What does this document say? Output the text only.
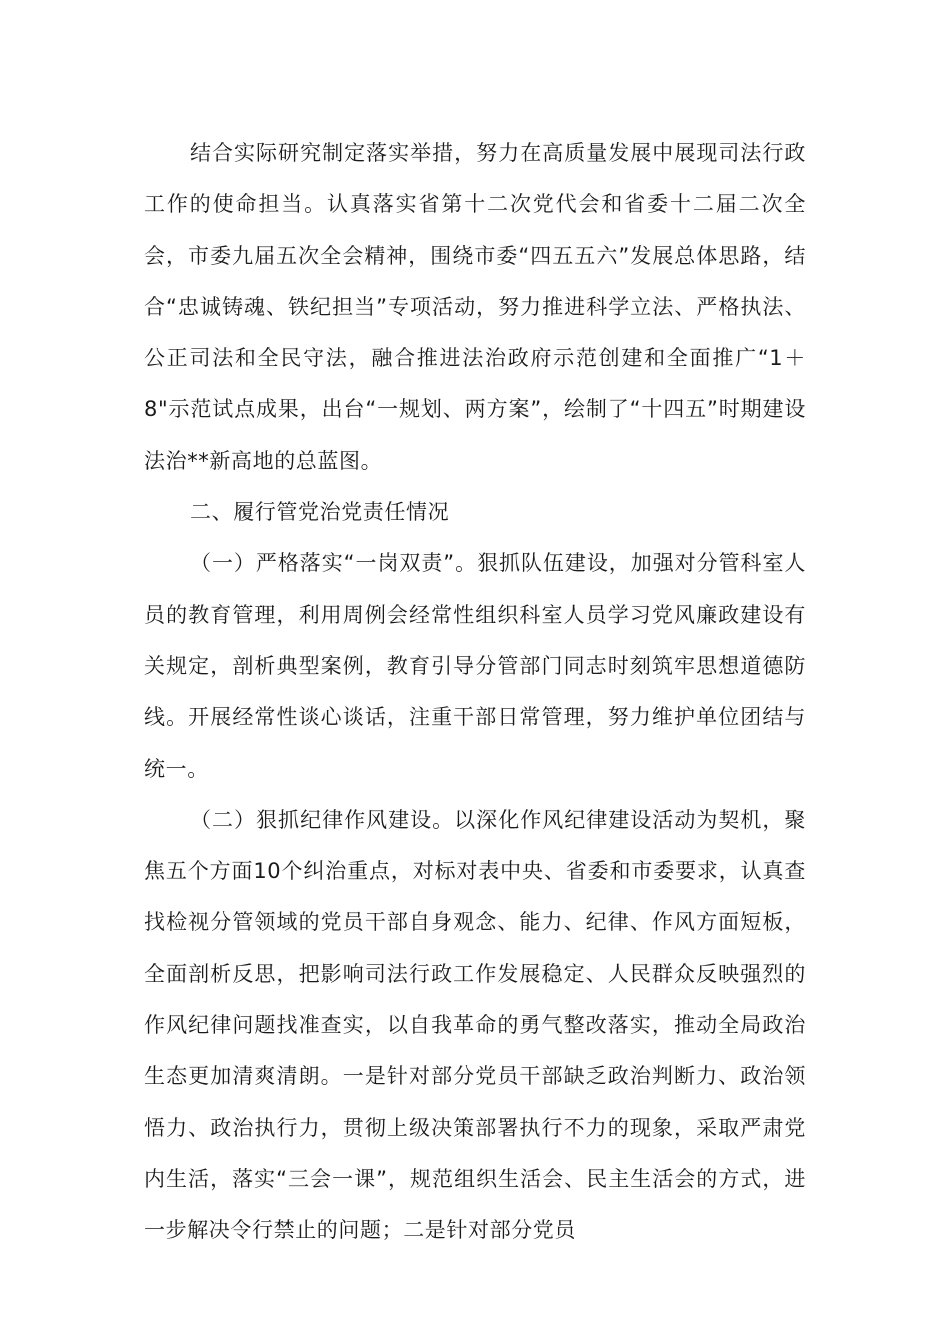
结合实际研究制定落实举措，努力在高质量发展中展现司法行政工作的使命担当。认真落实省第十二次党代会和省委十二届二次全会，市委九届五次全会精神，围绕市委“四五五六”发展总体思路，结合“忠诚铸魂、铁纪担当”专项活动，努力推进科学立法、严格执法、公正司法和全民守法，融合推进法治政府示范创建和全面推广“1＋8"示范试点成果，出台“一规划、两方案”，绘制了“十四五”时期建设法治**新高地的总蓝图。

二、履行管党治党责任情况

（一）严格落实“一岗双责”。狠抓队伍建设，加强对分管科室人员的教育管理，利用周例会经常性组织科室人员学习党风廉政建设有关规定，剖析典型案例，教育引导分管部门同志时刻筑牢思想道德防线。开展经常性谈心谈话，注重干部日常管理，努力维护单位团结与统一。

（二）狠抓纪律作风建设。以深化作风纪律建设活动为契机，聚焦五个方面10个纠治重点，对标对表中央、省委和市委要求，认真查找检视分管领域的党员干部自身观念、能力、纪律、作风方面短板，全面剖析反思，把影响司法行政工作发展稳定、人民群众反映强烈的作风纪律问题找准查实，以自我革命的勇气整改落实，推动全局政治生态更加清爽清朗。一是针对部分党员干部缺乏政治判断力、政治领悟力、政治执行力，贯彻上级决策部署执行不力的现象，采取严肃党内生活，落实“三会一课”，规范组织生活会、民主生活会的方式，进一步解决令行禁止的问题；二是针对部分党员
